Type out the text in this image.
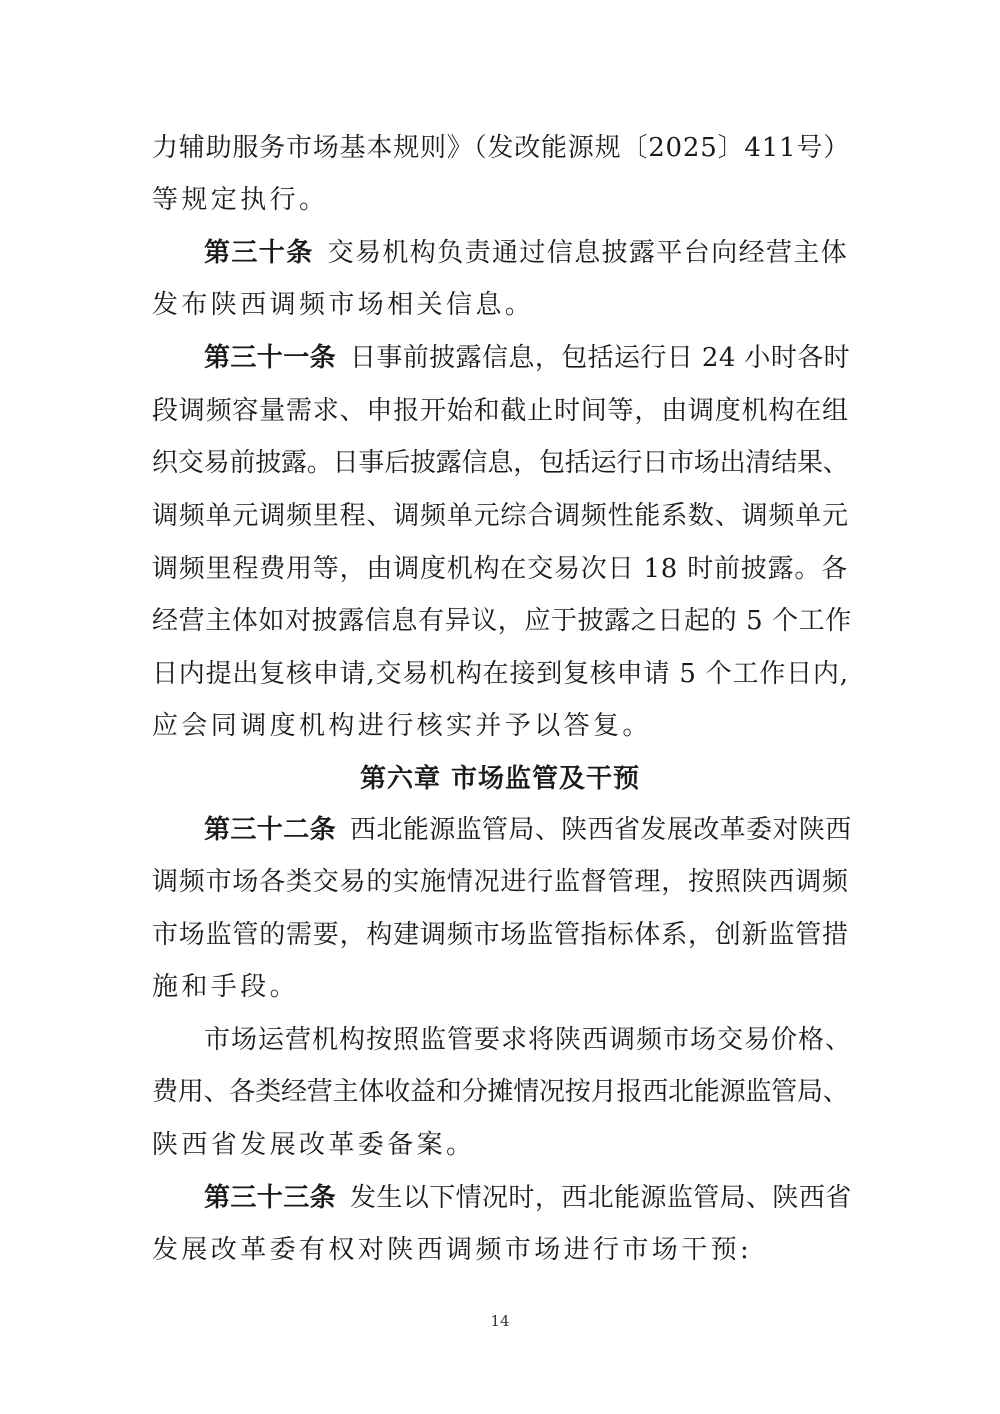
力辅助服务市场基本规则》（发改能源规〔2025〕411号）
等规定执行。
第三十条 交易机构负责通过信息披露平台向经营主体
发布陕西调频市场相关信息。
第三十一条 日事前披露信息，包括运行日 24 小时各时
段调频容量需求、申报开始和截止时间等，由调度机构在组
织交易前披露。日事后披露信息，包括运行日市场出清结果、
调频单元调频里程、调频单元综合调频性能系数、调频单元
调频里程费用等，由调度机构在交易次日 18 时前披露。各
经营主体如对披露信息有异议，应于披露之日起的 5 个工作
日内提出复核申请,交易机构在接到复核申请 5 个工作日内,
应会同调度机构进行核实并予以答复。
第六章 市场监管及干预
第三十二条 西北能源监管局、陕西省发展改革委对陕西
调频市场各类交易的实施情况进行监督管理，按照陕西调频
市场监管的需要，构建调频市场监管指标体系，创新监管措
施和手段。
市场运营机构按照监管要求将陕西调频市场交易价格、
费用、各类经营主体收益和分摊情况按月报西北能源监管局、
陕西省发展改革委备案。
第三十三条 发生以下情况时，西北能源监管局、陕西省
发展改革委有权对陕西调频市场进行市场干预:
14
